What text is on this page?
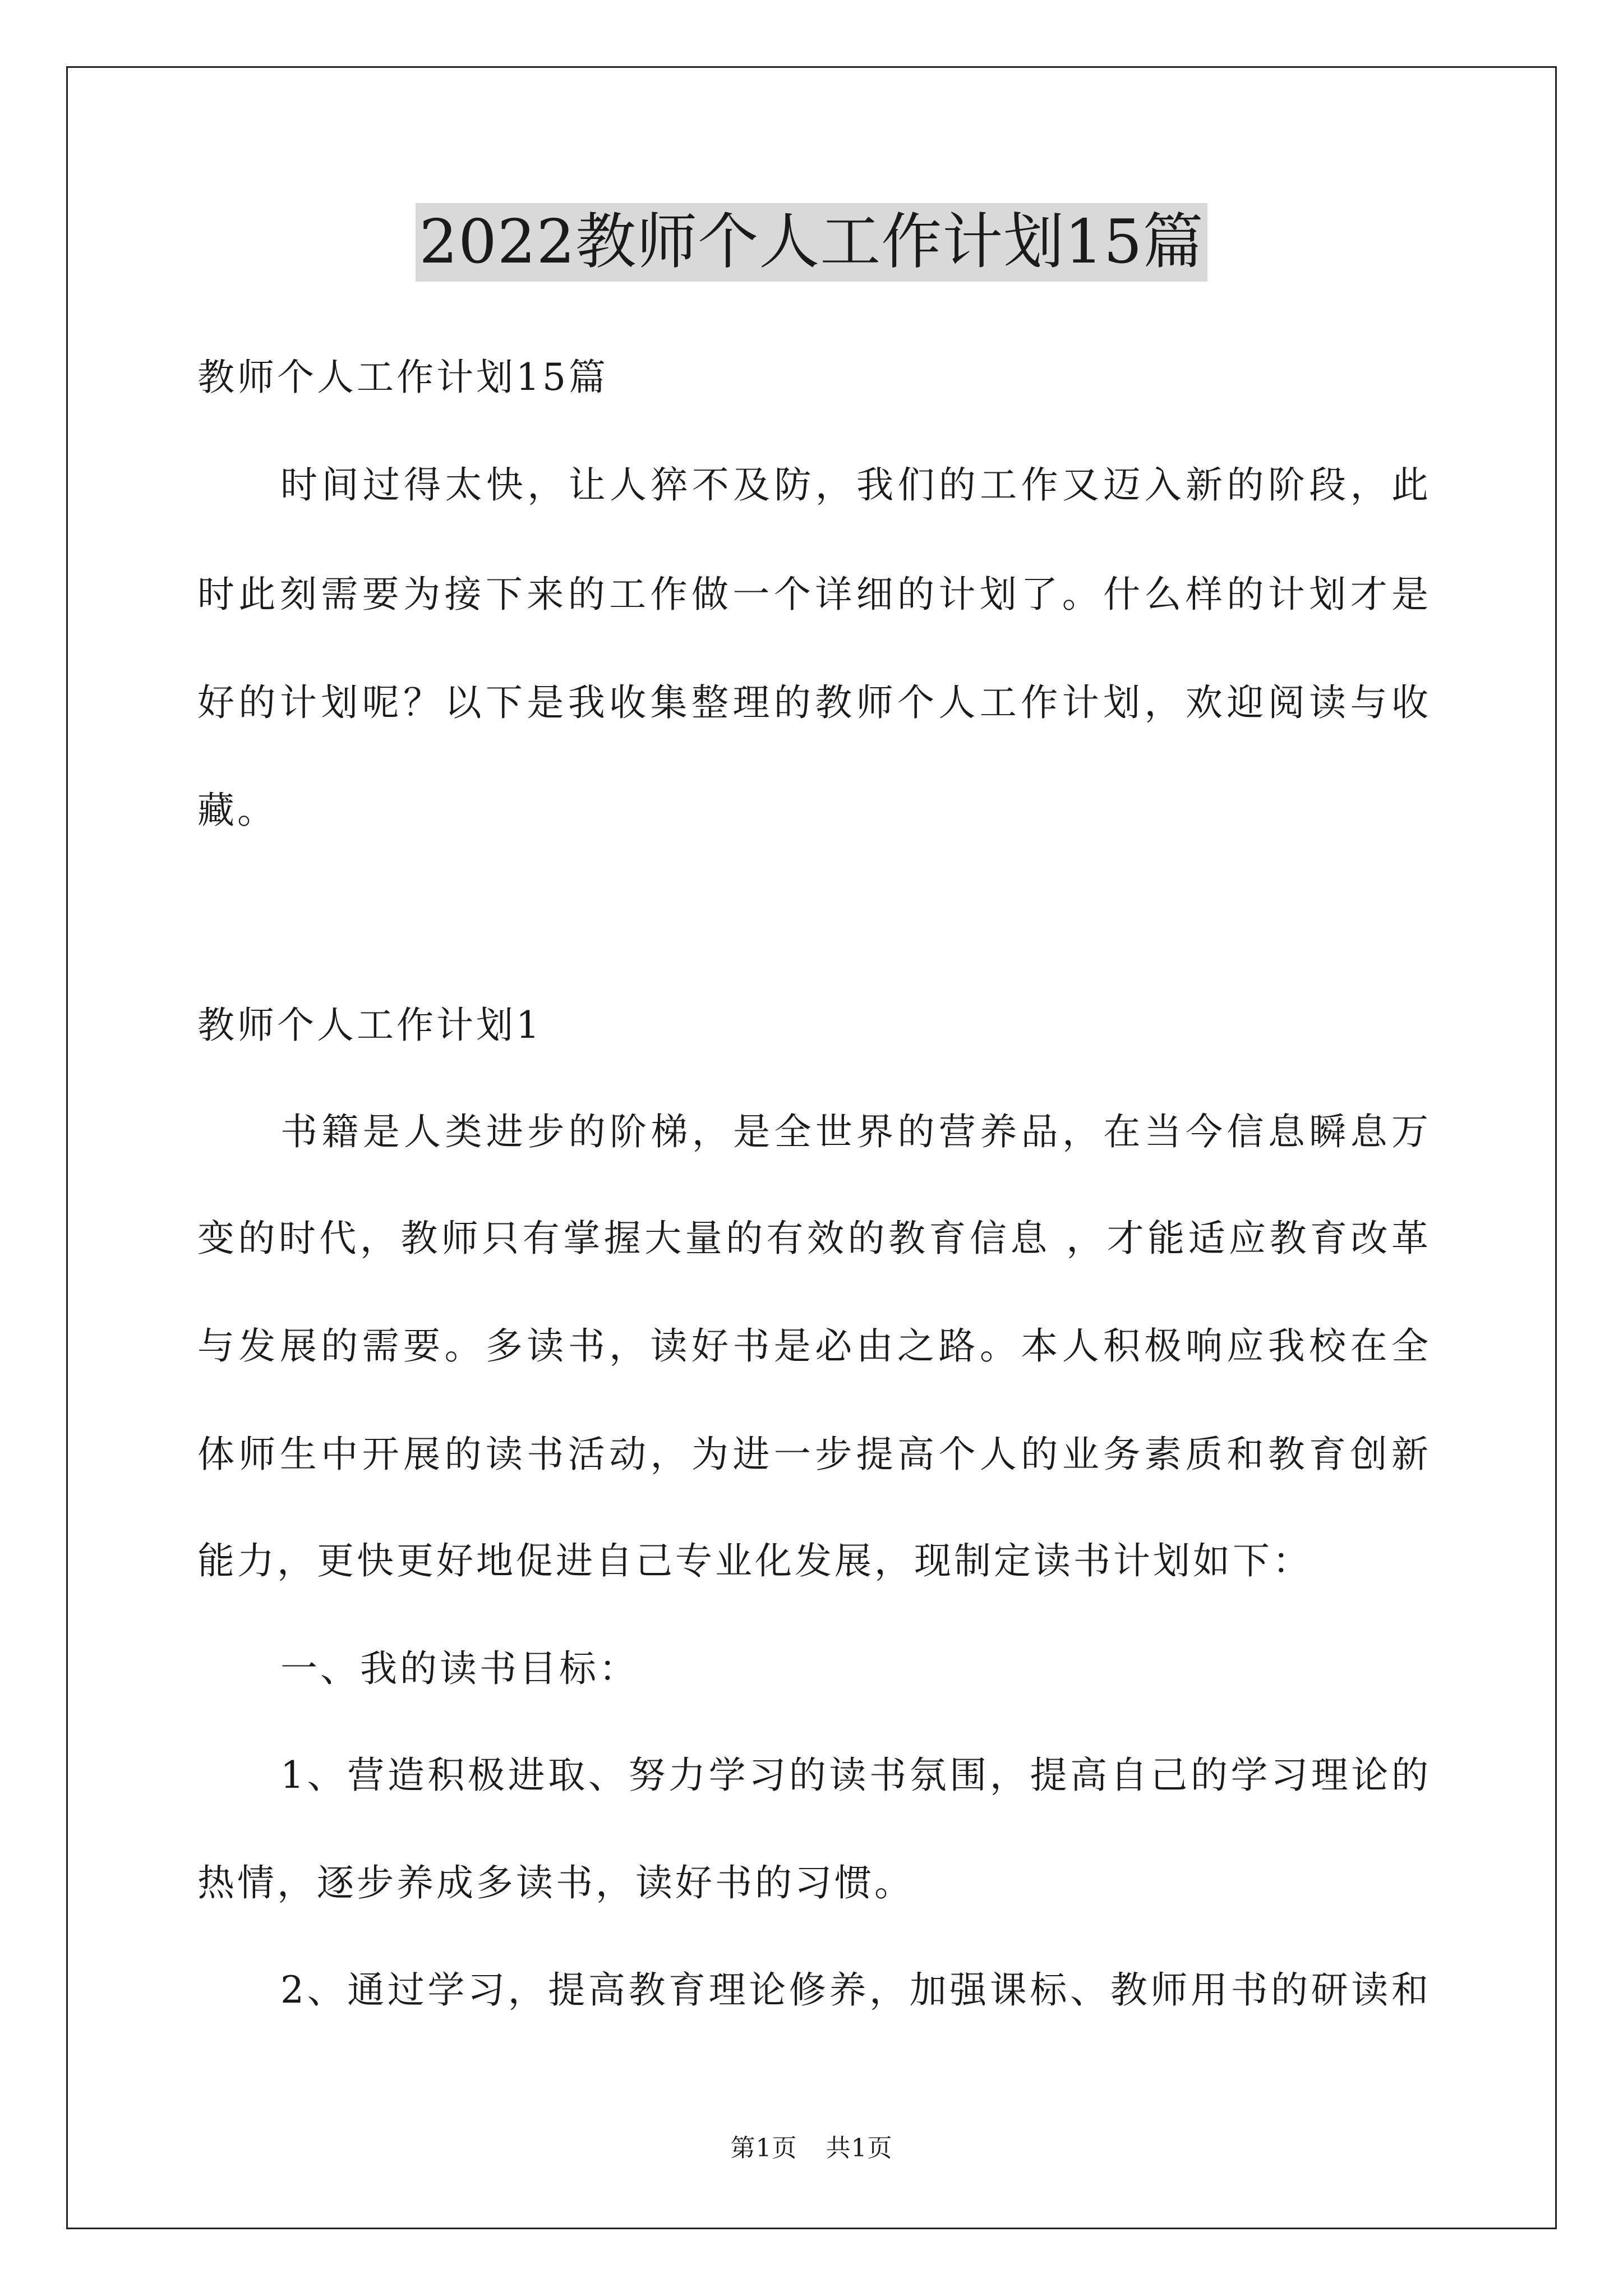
2022教师个人工作计划15篇
教师个人工作计划15篇
时间过得太快，让人猝不及防，我们的工作又迈入新的阶段，此
时此刻需要为接下来的工作做一个详细的计划了。什么样的计划才是
好的计划呢？以下是我收集整理的教师个人工作计划，欢迎阅读与收
藏。
教师个人工作计划1
书籍是人类进步的阶梯，是全世界的营养品，在当今信息瞬息万
变的时代，教师只有掌握大量的有效的教育信息 ，才能适应教育改革
与发展的需要。多读书，读好书是必由之路。本人积极响应我校在全
体师生中开展的读书活动，为进一步提高个人的业务素质和教育创新
能力，更快更好地促进自己专业化发展，现制定读书计划如下：
一、我的读书目标：
1、营造积极进取、努力学习的读书氛围，提高自己的学习理论的
热情，逐步养成多读书，读好书的习惯。
2、通过学习，提高教育理论修养，加强课标、教师用书的研读和
第1页 共1页
